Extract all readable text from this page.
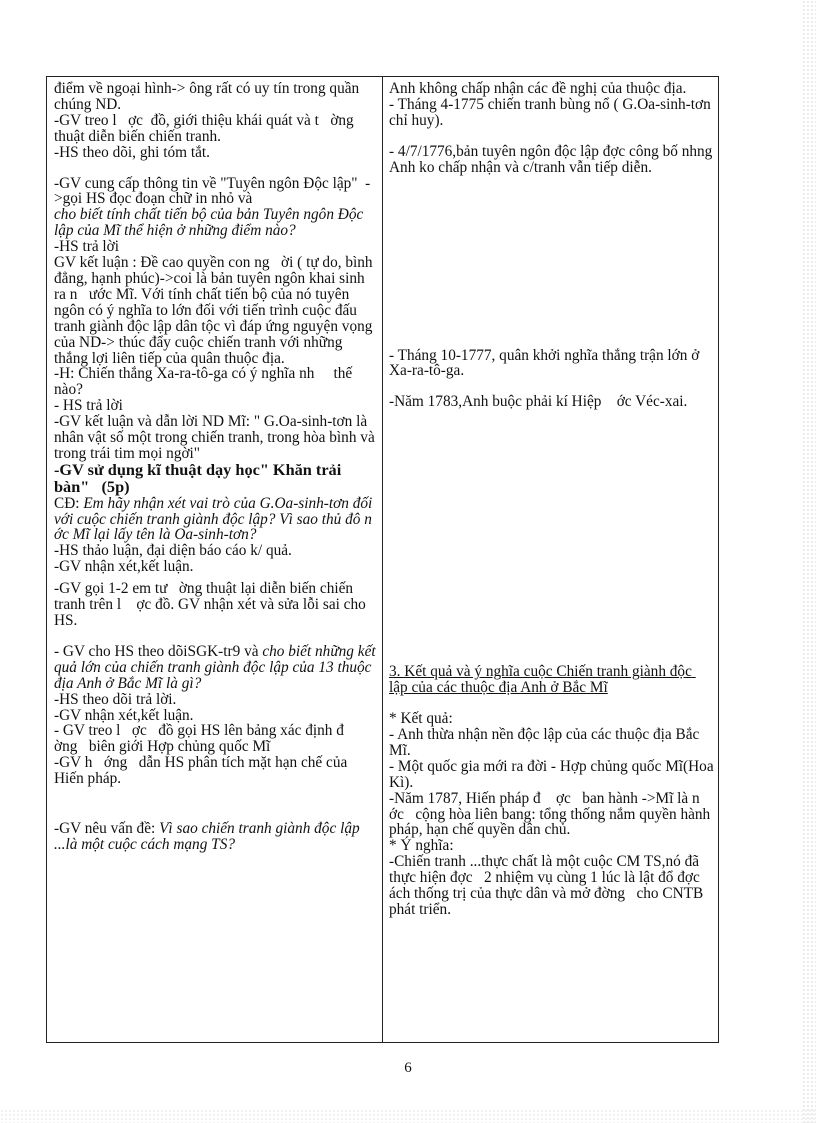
điểm về ngoại hình-> ông rất có uy tín trong quần chúng ND.

-GV treo l   ợc  đồ, giới thiệu khái quát và t   ờng   thuật diễn biến chiến tranh.

-HS theo dõi, ghi tóm tắt.

-GV cung cấp thông tin về "Tuyên ngôn Độc lập"  ->gọi HS đọc đoạn chữ in nhỏ và

cho biết tính chất tiến bộ của bản Tuyên ngôn Độc lập của Mĩ thể hiện ở những điểm nào?

-HS trả lời

GV kết luận : Đề cao quyền con ng   ời ( tự do, bình đẳng, hạnh phúc)->coi là bản tuyên ngôn khai sinh ra n   ước Mĩ. Với tính chất tiến bộ của nó tuyên ngôn có ý nghĩa to lớn đối với tiến trình cuộc đấu tranh giành độc lập dân tộc vì đáp ứng nguyện vọng của ND-> thúc đẩy cuộc chiến tranh với những thắng lợi liên tiếp của quân thuộc địa.

-H: Chiến thắng Xa-ra-tô-ga có ý nghĩa nh     thế nào?

- HS trả lời

-GV kết luận và dẫn lời ND Mĩ: " G.Oa-sinh-tơn là  nhân vật số một trong chiến tranh, trong hòa bình và trong trái tim mọi ngời"

-GV sử dụng kĩ thuật dạy học" Khăn trải bàn"   (5p)

CĐ: Em hãy nhận xét vai trò của G.Oa-sinh-tơn đối với cuộc chiến tranh giành độc lập? Vì sao thủ đô n   ớc Mĩ lại lấy tên là Oa-sinh-tơn?

-HS thảo luận, đại diện báo cáo k/ quả.

-GV nhận xét,kết luận.

-GV gọi 1-2 em tư   ờng thuật lại diễn biến chiến tranh trên l    ợc đồ. GV nhận xét và sửa lỗi sai cho HS.

- GV cho HS theo dõiSGK-tr9 và cho biết những kết quả lớn của chiến tranh giành độc lập của 13 thuộc địa Anh ở Bắc Mĩ là gì?

-HS theo dõi trả lời.

-GV nhận xét,kết luận.

- GV treo l   ợc   đồ gọi HS lên bảng xác định đ   ờng   biên giới Hợp chủng quốc Mĩ

-GV h   ớng   dẫn HS phân tích mặt hạn chế của Hiến pháp.

-GV nêu vấn đề: Vì sao chiến tranh giành độc lập ...là một cuộc cách mạng TS?

Anh không chấp nhận các đề nghị của thuộc địa.

- Tháng 4-1775 chiến tranh bùng nổ ( G.Oa-sinh-tơn chỉ huy).

- 4/7/1776,bản tuyên ngôn độc lập đợc công bố nhng  Anh ko chấp nhận và c/tranh vẫn tiếp diễn.

- Tháng 10-1777, quân khởi nghĩa thắng trận lớn ở Xa-ra-tô-ga.

-Năm 1783,Anh buộc phải kí Hiệp    ớc Véc-xai.

3. Kết quả và ý nghĩa cuộc Chiến tranh giành độc lập của các thuộc địa Anh ở Bắc Mĩ

* Kết quả:

- Anh thừa nhận nền độc lập của các thuộc địa Bắc Mĩ.

- Một quốc gia mới ra đời - Hợp chủng quốc Mĩ(Hoa Kì).

-Năm 1787, Hiến pháp đ    ợc   ban hành ->Mĩ là n   ớc   cộng hòa liên bang: tổng thống nắm quyền hành pháp, hạn chế quyền dân chủ.

* Ý nghĩa:

-Chiến tranh ...thực chất là một cuộc CM TS,nó đã thực hiện đợc   2 nhiệm vụ cùng 1 lúc là lật đổ đợc   ách thống trị của thực dân và mở đờng   cho CNTB phát triển.

6
